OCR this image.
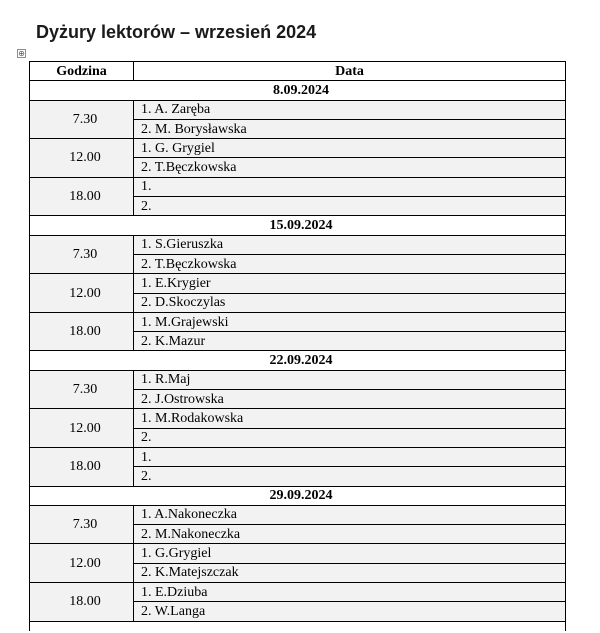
Dyżury lektorów – wrzesień 2024
⊕
Godzina	Data
8.09.2024	
7.30	1. A. Zaręba
	2. M. Borysławska
12.00	1. G. Grygiel
	2. T.Bęczkowska
18.00	1.
	2.
15.09.2024	
7.30	1. S.Gieruszka
	2. T.Bęczkowska
12.00	1. E.Krygier
	2. D.Skoczylas
18.00	1. M.Grajewski
	2. K.Mazur
22.09.2024	
7.30	1. R.Maj
	2. J.Ostrowska
12.00	1. M.Rodakowska
	2.
18.00	1.
	2.
29.09.2024	
7.30	1. A.Nakoneczka
	2. M.Nakoneczka
12.00	1. G.Grygiel
	2. K.Matejszczak
18.00	1. E.Dziuba
	2. W.Langa
